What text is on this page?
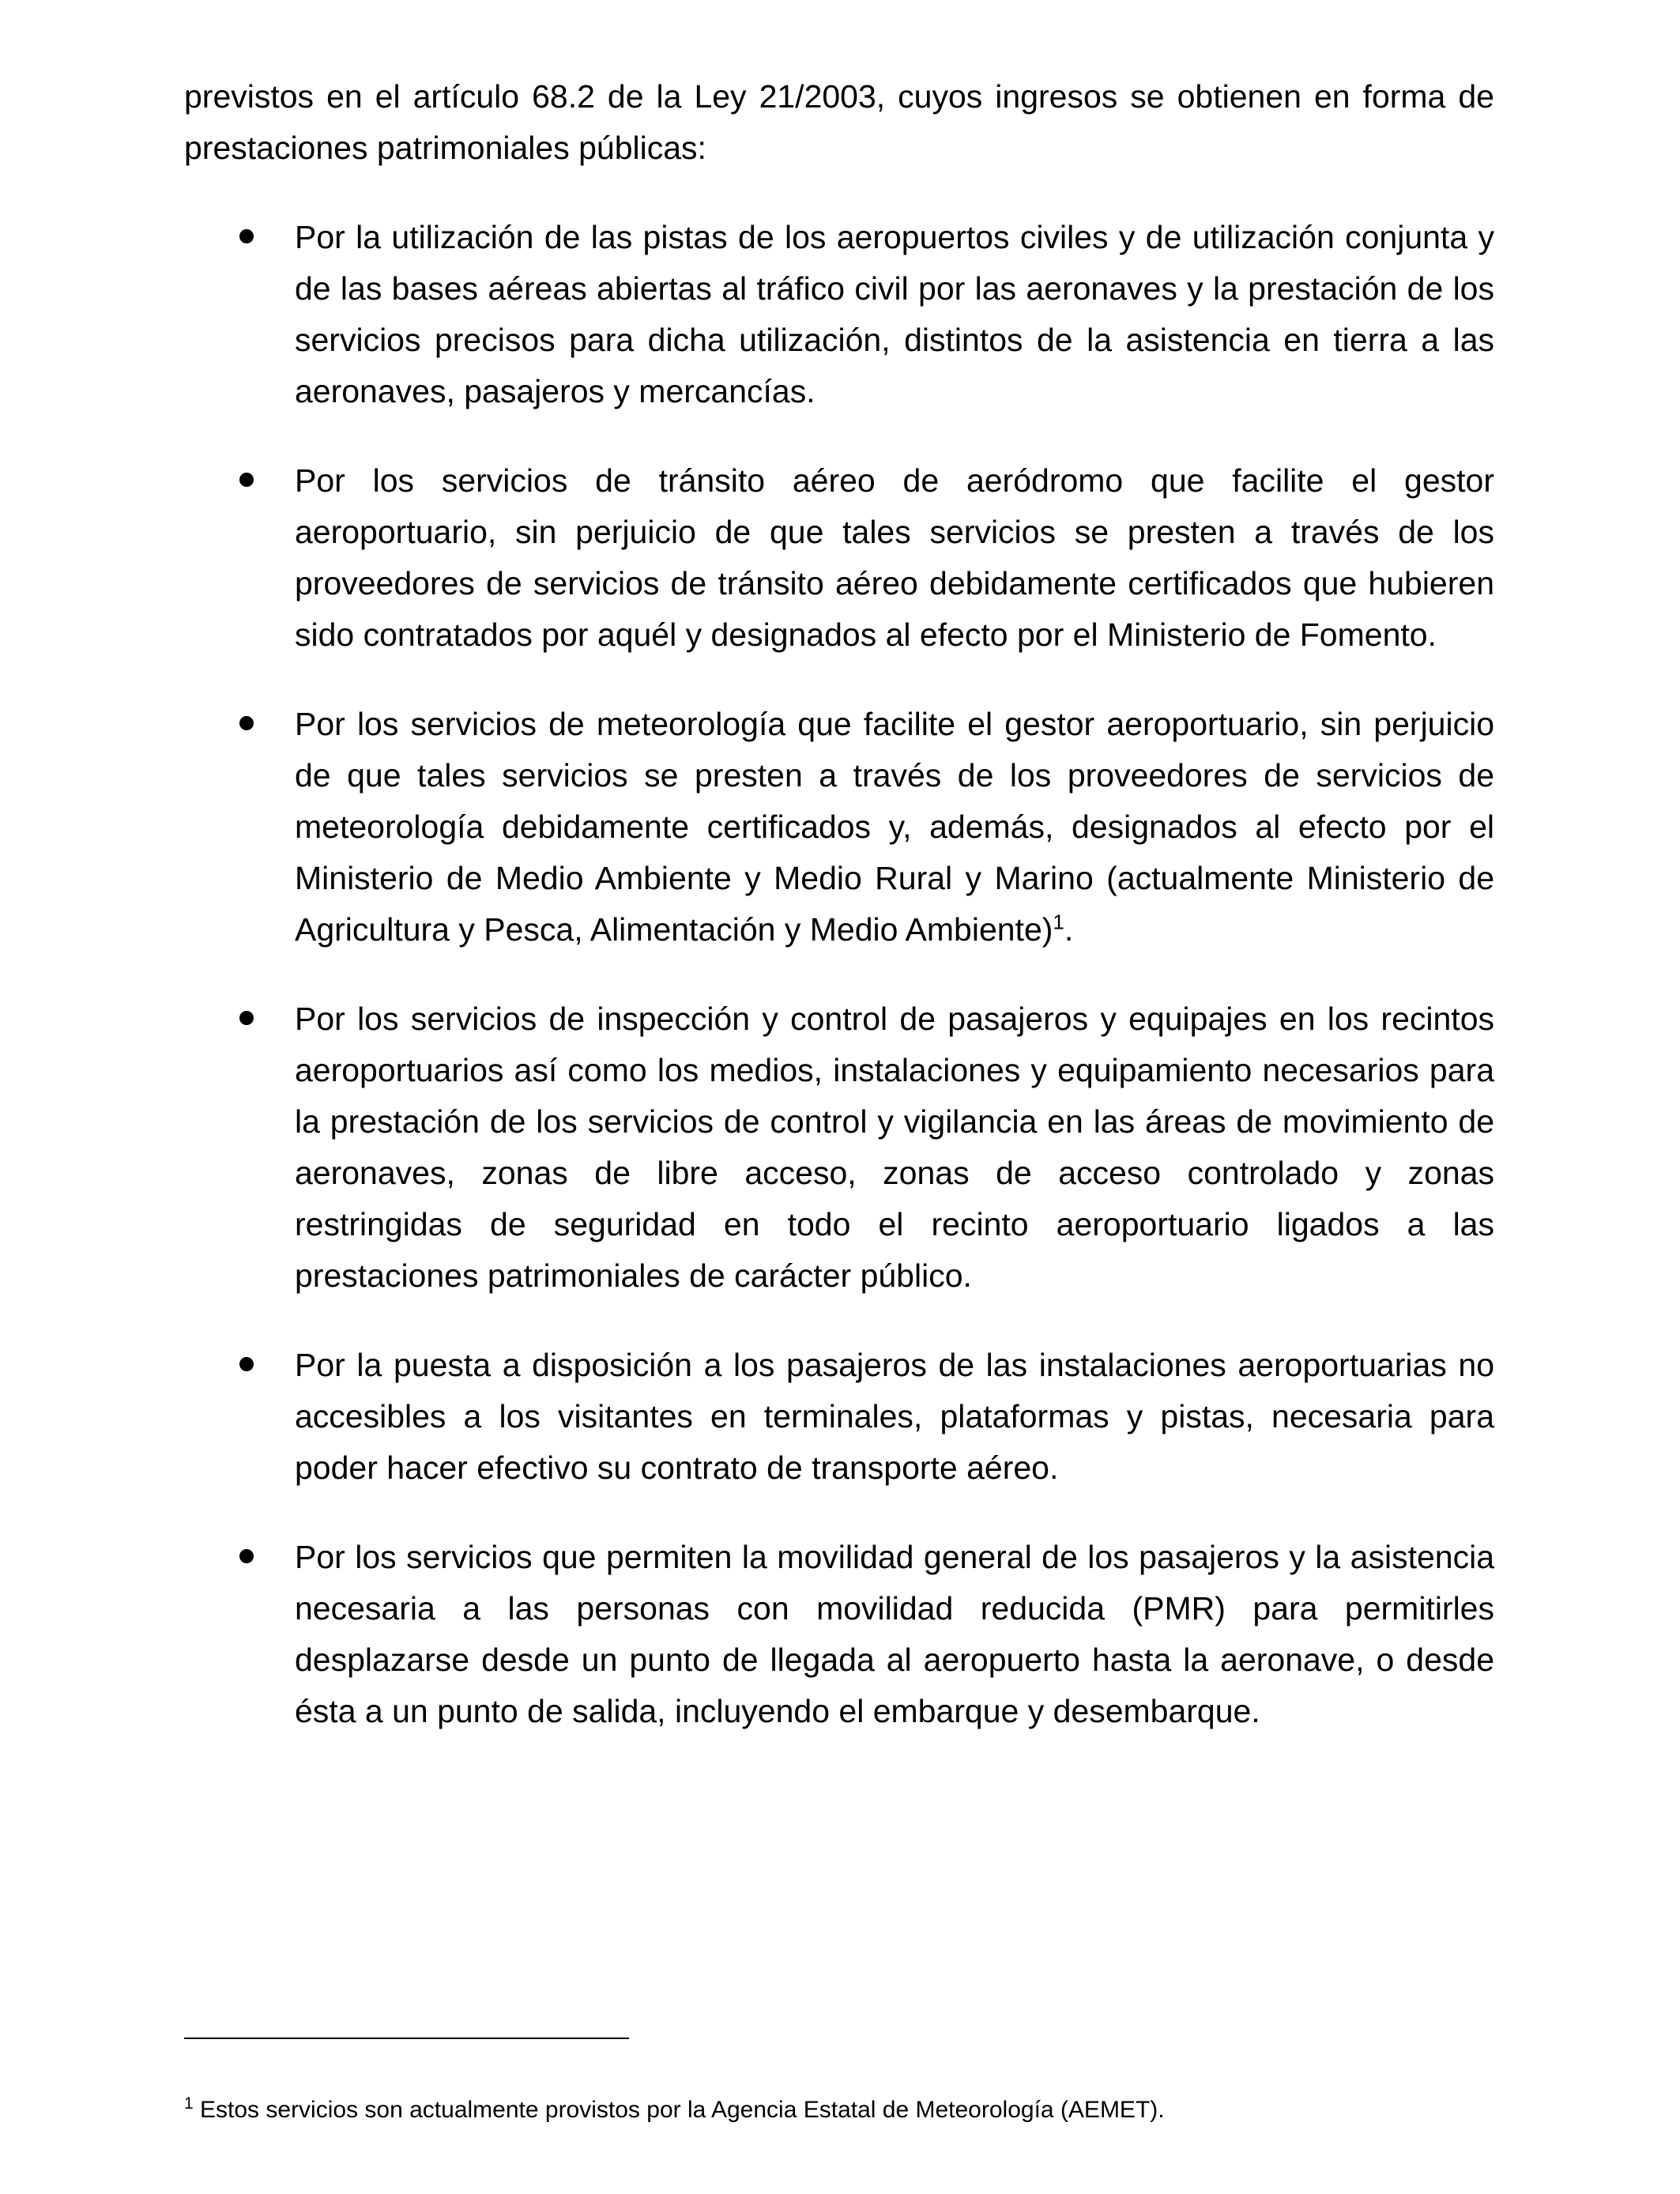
previstos en el artículo 68.2 de la Ley 21/2003, cuyos ingresos se obtienen en forma de prestaciones patrimoniales públicas:

Por la utilización de las pistas de los aeropuertos civiles y de utilización conjunta y de las bases aéreas abiertas al tráfico civil por las aeronaves y la prestación de los servicios precisos para dicha utilización, distintos de la asistencia en tierra a las aeronaves, pasajeros y mercancías.
Por los servicios de tránsito aéreo de aeródromo que facilite el gestor aeroportuario, sin perjuicio de que tales servicios se presten a través de los proveedores de servicios de tránsito aéreo debidamente certificados que hubieren sido contratados por aquél y designados al efecto por el Ministerio de Fomento.
Por los servicios de meteorología que facilite el gestor aeroportuario, sin perjuicio de que tales servicios se presten a través de los proveedores de servicios de meteorología debidamente certificados y, además, designados al efecto por el Ministerio de Medio Ambiente y Medio Rural y Marino (actualmente Ministerio de Agricultura y Pesca, Alimentación y Medio Ambiente)$^1$.
Por los servicios de inspección y control de pasajeros y equipajes en los recintos aeroportuarios así como los medios, instalaciones y equipamiento necesarios para la prestación de los servicios de control y vigilancia en las áreas de movimiento de aeronaves, zonas de libre acceso, zonas de acceso controlado y zonas restringidas de seguridad en todo el recinto aeroportuario ligados a las prestaciones patrimoniales de carácter público.
Por la puesta a disposición a los pasajeros de las instalaciones aeroportuarias no accesibles a los visitantes en terminales, plataformas y pistas, necesaria para poder hacer efectivo su contrato de transporte aéreo.
Por los servicios que permiten la movilidad general de los pasajeros y la asistencia necesaria a las personas con movilidad reducida (PMR) para permitirles desplazarse desde un punto de llegada al aeropuerto hasta la aeronave, o desde ésta a un punto de salida, incluyendo el embarque y desembarque.

$^1$ Estos servicios son actualmente provistos por la Agencia Estatal de Meteorología (AEMET).
